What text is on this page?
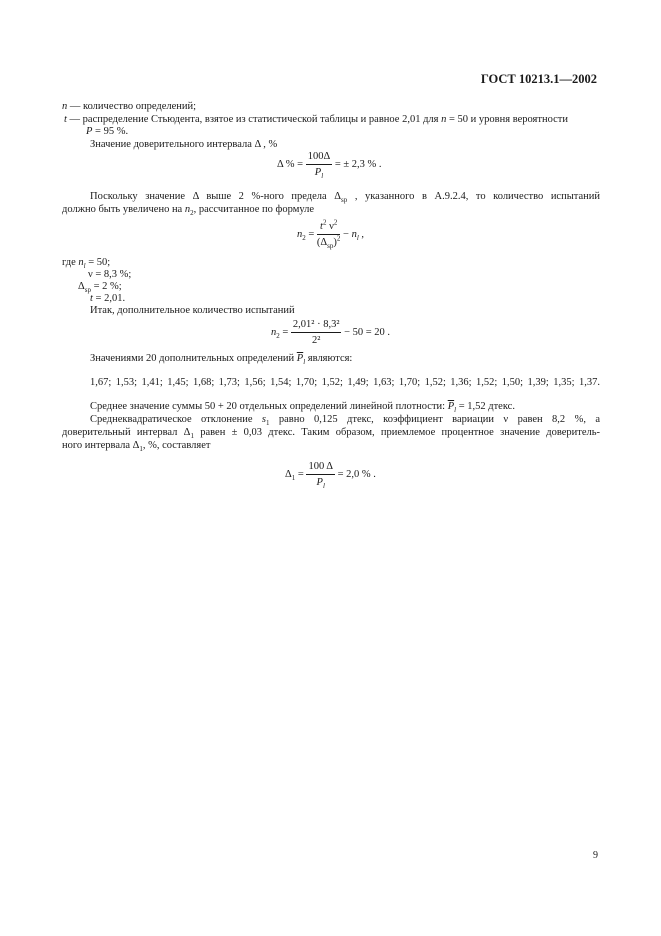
ГОСТ 10213.1—2002
n — количество определений;
t — распределение Стьюдента, взятое из статистической таблицы и равное 2,01 для n = 50 и уровня вероятности
P = 95 %.
Значение доверительного интервала Δ , %
Δ % = $\frac{100\Delta}{P_l}$ = ± 2,3 % .
Поскольку значение Δ выше 2 %-ного предела $\Delta_{sp}$ , указанного в А.9.2.4, то количество испытаний
должно быть увеличено на $n_2$, рассчитанное по формуле
$n_2 = \frac{t^2 \nu^2}{(\Delta_{sp})^2} - n_l$ ,
где $n_l = 50$;
ν = 8,3 %;
$\Delta_{sp} = 2$ %;
t = 2,01.
Итак, дополнительное количество испытаний
$n_2 = \frac{\text{2,01² · 8,3²}}{\text{2²}} - 50 = 20$ .
Значениями 20 дополнительных определений $\overline{P}_l$ являются:
1,67; 1,53; 1,41; 1,45; 1,68; 1,73; 1,56; 1,54; 1,70; 1,52; 1,49; 1,63; 1,70; 1,52; 1,36; 1,52; 1,50; 1,39; 1,35; 1,37.
Среднее значение суммы 50 + 20 отдельных определений линейной плотности: $\overline{P}_l = 1,52$ дтекс.
Среднеквадратическое отклонение $s_1$ равно 0,125 дтекс, коэффициент вариации ν равен 8,2 %, а
доверительный интервал $\Delta_1$ равен ± 0,03 дтекс. Таким образом, приемлемое процентное значение доверитель-
ного интервала $\Delta_1$, %, составляет
$\Delta_1 = \frac{100 \Delta}{P_l} = 2,0$ % .
9
